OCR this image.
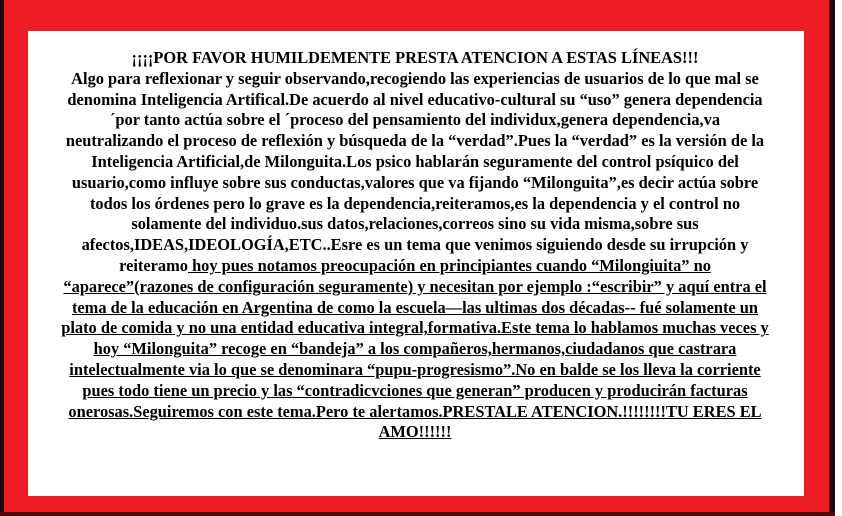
¡¡¡¡POR FAVOR HUMILDEMENTE PRESTA ATENCION A ESTAS LÍNEAS!!!
Algo para reflexionar y seguir observando,recogiendo las experiencias de usuarios de lo que mal se denomina Inteligencia Artifical.De acuerdo al nivel educativo-cultural su “uso” genera dependencia ´por tanto actúa sobre el ´proceso del pensamiento del individux,genera dependencia,va neutralizando el proceso de reflexión y búsqueda de la “verdad”.Pues la “verdad” es la versión de la Inteligencia Artificial,de Milonguita.Los psico hablarán seguramente del control psíquico del usuario,como influye sobre sus conductas,valores que va fijando “Milonguita”,es decir actúa sobre todos los órdenes pero lo grave es la dependencia,reiteramos,es la dependencia y el control no solamente del individuo.sus datos,relaciones,correos sino su vida misma,sobre sus afectos,IDEAS,IDEOLOGÍA,ETC..Esre es un tema que venimos siguiendo desde su irrupción y reiteramo hoy pues notamos preocupación en principiantes cuando “Milongiuita” no “aparece”(razones de configuración seguramente) y necesitan por ejemplo :“escribir” y aquí entra el tema de la educación en Argentina de como la escuela—las ultimas dos décadas-- fué solamente un plato de comida y no una entidad educativa integral,formativa.Este tema lo hablamos muchas veces y hoy “Milonguita” recoge en “bandeja” a los compañeros,hermanos,ciudadanos que castrara intelectualmente via lo que se denominara “pupu-progresismo”.No en balde se los lleva la corriente pues todo tiene un precio y las “contradicvciones que generan” producen y producirán facturas onerosas.Seguiremos con este tema.Pero te alertamos.PRESTALE ATENCION.!!!!!!!!TU ERES EL AMO!!!!!!
